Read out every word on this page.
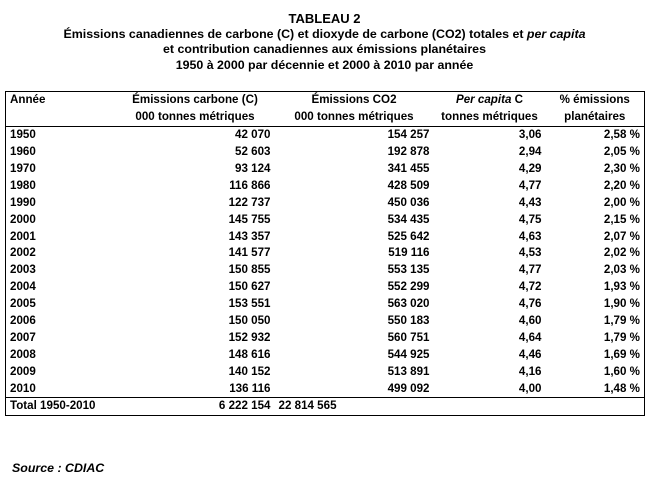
TABLEAU 2
Émissions canadiennes de carbone (C) et dioxyde de carbone (CO2) totales et per capita
et contribution canadiennes aux émissions planétaires
1950 à 2000 par décennie et 2000 à 2010 par année
Année	Émissions carbone (C)	Émissions CO2	Per capita C	% émissions
	000 tonnes métriques	000 tonnes métriques	tonnes métriques	planétaires
1950	42 070	154 257	3,06	2,58 %
1960	52 603	192 878	2,94	2,05 %
1970	93 124	341 455	4,29	2,30 %
1980	116 866	428 509	4,77	2,20 %
1990	122 737	450 036	4,43	2,00 %
2000	145 755	534 435	4,75	2,15 %
2001	143 357	525 642	4,63	2,07 %
2002	141 577	519 116	4,53	2,02 %
2003	150 855	553 135	4,77	2,03 %
2004	150 627	552 299	4,72	1,93 %
2005	153 551	563 020	4,76	1,90 %
2006	150 050	550 183	4,60	1,79 %
2007	152 932	560 751	4,64	1,79 %
2008	148 616	544 925	4,46	1,69 %
2009	140 152	513 891	4,16	1,60 %
2010	136 116	499 092	4,00	1,48 %
Total 1950-2010	6 222 154	22 814 565		
Source : CDIAC
